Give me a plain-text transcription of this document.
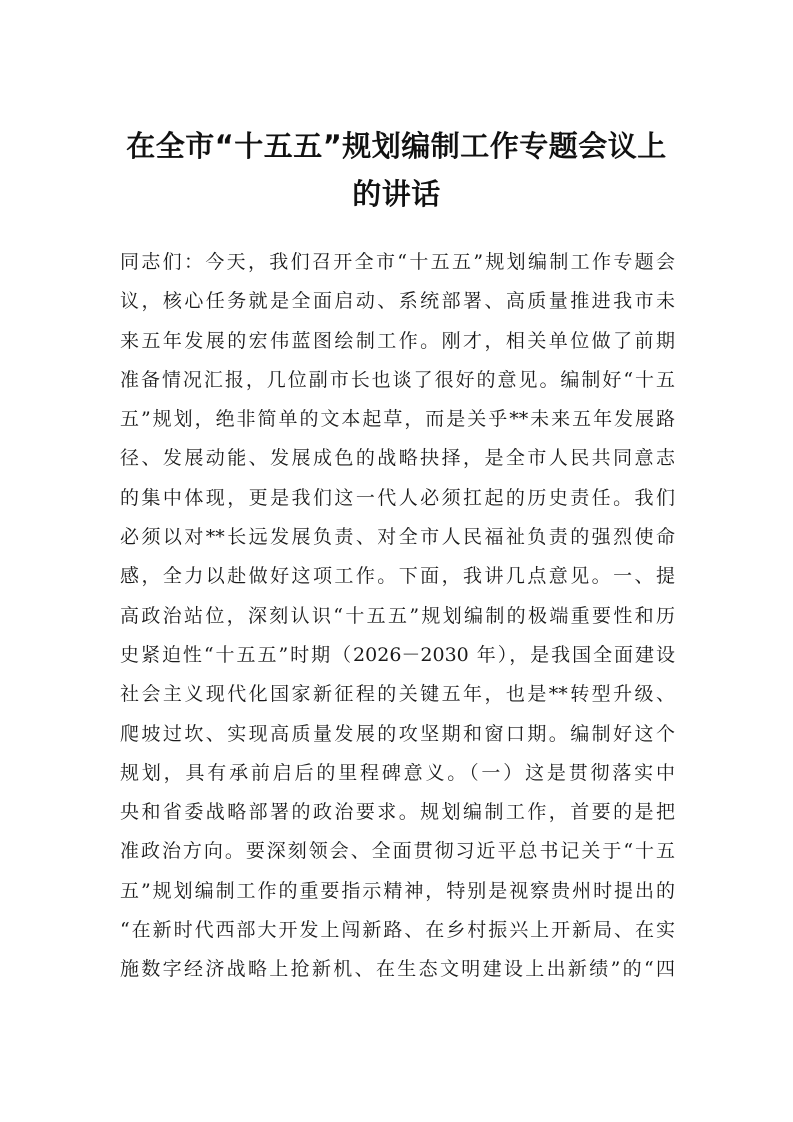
在全市“十五五”规划编制工作专题会议上
的讲话
同志们：今天，我们召开全市“十五五”规划编制工作专题会
议，核心任务就是全面启动、系统部署、高质量推进我市未
来五年发展的宏伟蓝图绘制工作。刚才，相关单位做了前期
准备情况汇报，几位副市长也谈了很好的意见。编制好“十五
五”规划，绝非简单的文本起草，而是关乎**未来五年发展路
径、发展动能、发展成色的战略抉择，是全市人民共同意志
的集中体现，更是我们这一代人必须扛起的历史责任。我们
必须以对**长远发展负责、对全市人民福祉负责的强烈使命
感，全力以赴做好这项工作。下面，我讲几点意见。一、提
高政治站位，深刻认识“十五五”规划编制的极端重要性和历
史紧迫性“十五五”时期（2026－2030 年），是我国全面建设
社会主义现代化国家新征程的关键五年，也是**转型升级、
爬坡过坎、实现高质量发展的攻坚期和窗口期。编制好这个
规划，具有承前启后的里程碑意义。（一）这是贯彻落实中
央和省委战略部署的政治要求。规划编制工作，首要的是把
准政治方向。要深刻领会、全面贯彻习近平总书记关于“十五
五”规划编制工作的重要指示精神，特别是视察贵州时提出的
“在新时代西部大开发上闯新路、在乡村振兴上开新局、在实
施数字经济战略上抢新机、在生态文明建设上出新绩”的“四
